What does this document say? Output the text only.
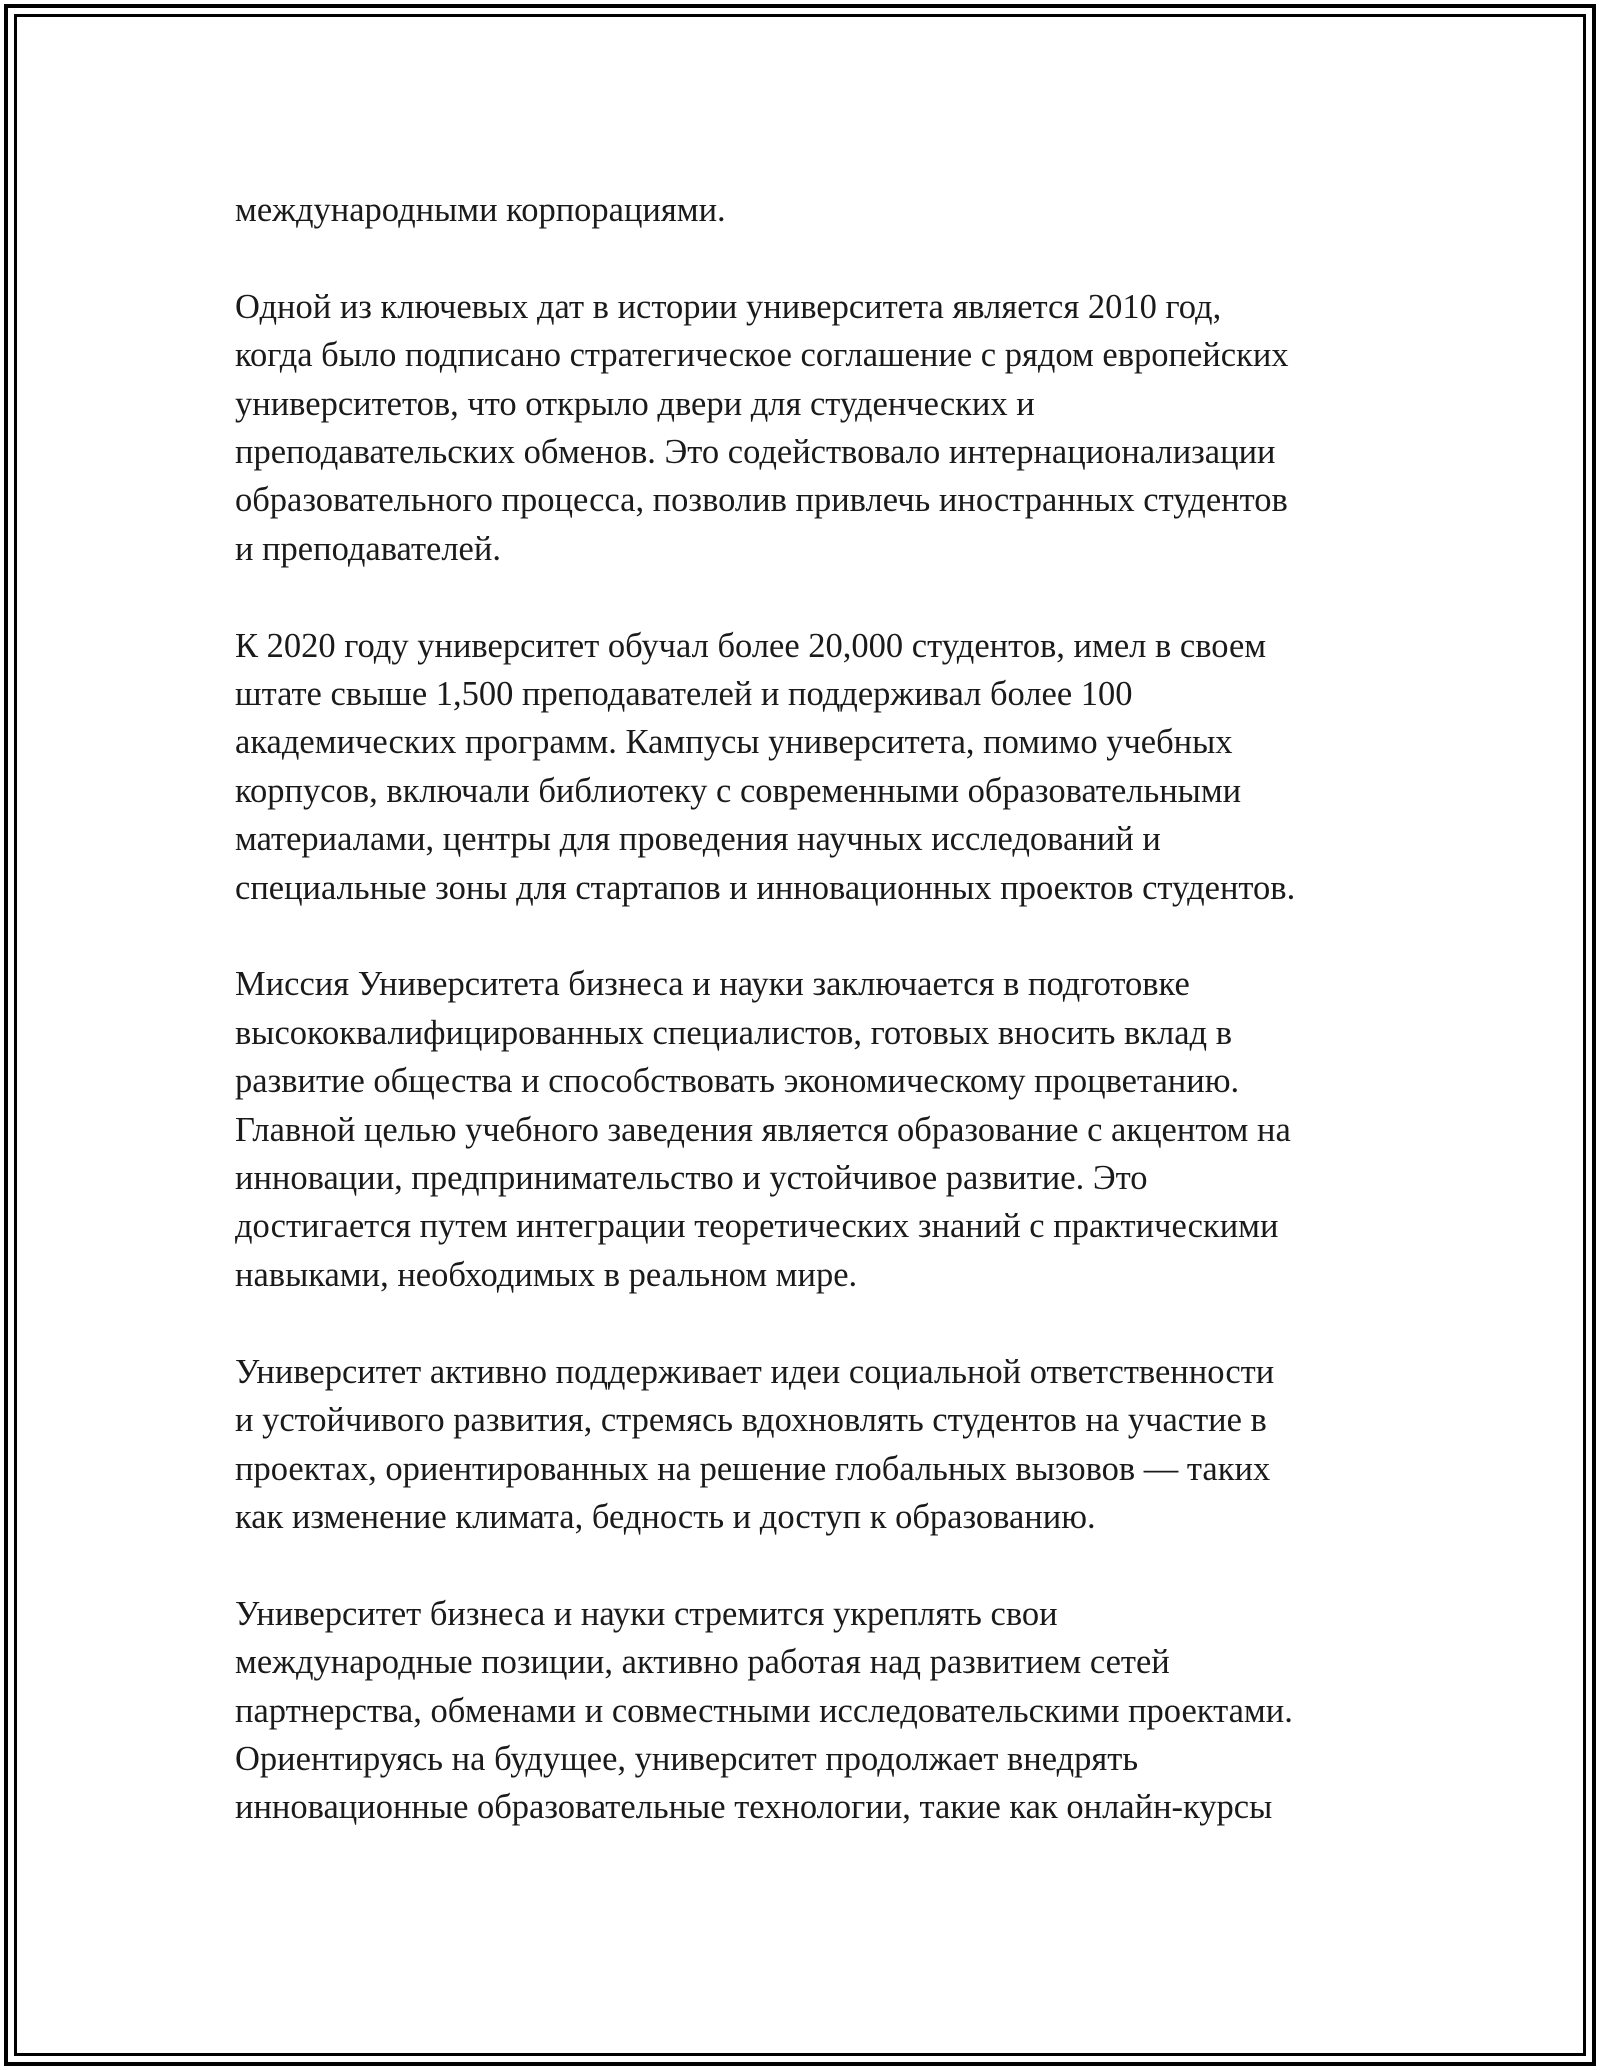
международными корпорациями.

Одной из ключевых дат в истории университета является 2010 год,
когда было подписано стратегическое соглашение с рядом европейских
университетов, что открыло двери для студенческих и
преподавательских обменов. Это содействовало интернационализации
образовательного процесса, позволив привлечь иностранных студентов
и преподавателей.

К 2020 году университет обучал более 20,000 студентов, имел в своем
штате свыше 1,500 преподавателей и поддерживал более 100
академических программ. Кампусы университета, помимо учебных
корпусов, включали библиотеку с современными образовательными
материалами, центры для проведения научных исследований и
специальные зоны для стартапов и инновационных проектов студентов.

Миссия Университета бизнеса и науки заключается в подготовке
высококвалифицированных специалистов, готовых вносить вклад в
развитие общества и способствовать экономическому процветанию.
Главной целью учебного заведения является образование с акцентом на
инновации, предпринимательство и устойчивое развитие. Это
достигается путем интеграции теоретических знаний с практическими
навыками, необходимых в реальном мире.

Университет активно поддерживает идеи социальной ответственности
и устойчивого развития, стремясь вдохновлять студентов на участие в
проектах, ориентированных на решение глобальных вызовов — таких
как изменение климата, бедность и доступ к образованию.

Университет бизнеса и науки стремится укреплять свои
международные позиции, активно работая над развитием сетей
партнерства, обменами и совместными исследовательскими проектами.
Ориентируясь на будущее, университет продолжает внедрять
инновационные образовательные технологии, такие как онлайн-курсы
